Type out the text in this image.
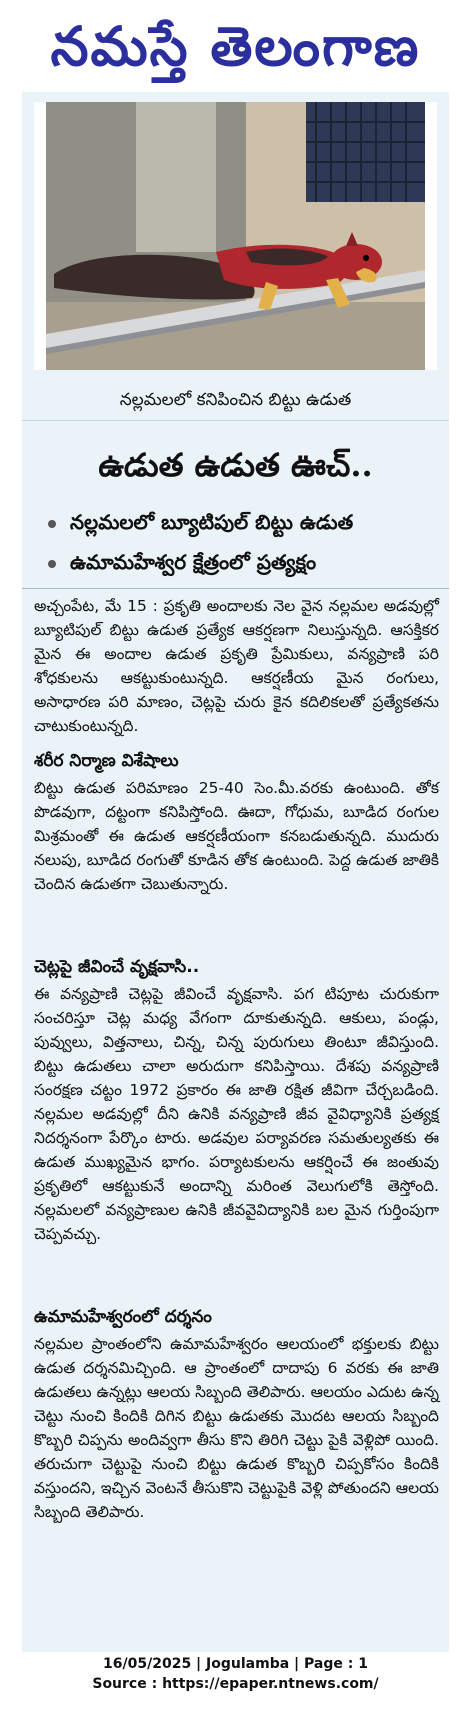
నమస్తే తెలంగాణ
నల్లమలలో కనిపించిన బిట్టు ఉడుత
ఉడుత ఉడుత ఊచ్..
నల్లమలలో బ్యూటిపుల్ బిట్టు ఉడుత
ఉమామహేశ్వర క్షేత్రంలో ప్రత్యక్షం
అచ్చంపేట, మే 15 : ప్రకృతి అందాలకు నెల వైన నల్లమల అడవుల్లో బ్యూటిపుల్ బిట్టు ఉడుత ప్రత్యేక ఆకర్షణగా నిలుస్తున్నది. ఆసక్తికర మైన ఈ అందాల ఉడుత ప్రకృతి ప్రేమికులు, వన్యప్రాణి పరి శోధకులను ఆకట్టుకుంటున్నది. ఆకర్షణీయ మైన రంగులు, అసాధారణ పరి మాణం, చెట్లపై చురు కైన కదిలికలతో ప్రత్యేకతను చాటుకుంటున్నది.
శరీర నిర్మాణ విశేషాలు
బిట్టు ఉడుత పరిమాణం 25-40 సెం.మీ.వరకు ఉంటుంది. తోక పొడవుగా, దట్టంగా కనిపిస్తోంది. ఊదా, గోధుమ, బూడిద రంగుల మిశ్రమంతో ఈ ఉడుత ఆకర్షణీయంగా కనబడుతున్నది. ముదురు నలుపు, బూడిద రంగుతో కూడిన తోక ఉంటుంది. పెద్ద ఉడుత జాతికి చెందిన ఉడుతగా చెబుతున్నారు.
చెట్లపై జీవించే వృక్షవాసి..
ఈ వన్యప్రాణి చెట్లపై జీవించే వృక్షవాసి. పగ టిపూట చురుకుగా సంచరిస్తూ చెట్ల మధ్య వేగంగా దూకుతున్నది. ఆకులు, పండ్లు, పువ్వులు, విత్తనాలు, చిన్న, చిన్న పురుగులు తింటూ జీవిస్తుంది. బిట్టు ఉడుతలు చాలా అరుదుగా కనిపిస్తాయి. దేశపు వన్యప్రాణి సంరక్షణ చట్టం 1972 ప్రకారం ఈ జాతి రక్షిత జీవిగా చేర్చబడింది. నల్లమల అడవుల్లో దీని ఉనికి వన్యప్రాణి జీవ వైవిధ్యానికి ప్రత్యక్ష నిదర్శనంగా పేర్కొం టారు. అడవుల పర్యావరణ సమతుల్యతకు ఈ ఉడుత ముఖ్యమైన భాగం. పర్యాటకులను ఆకర్షించే ఈ జంతువు ప్రకృతిలో ఆకట్టుకునే అందాన్ని మరింత వెలుగులోకి తెస్తోంది. నల్లమలలో వన్యప్రాణుల ఉనికి జీవవైవిద్యానికి బల మైన గుర్తింపుగా చెప్పవచ్చు.
ఉమామహేశ్వరంలో దర్శనం
నల్లమల ప్రాంతంలోని ఉమామహేశ్వరం ఆలయంలో భక్తులకు బిట్టు ఉడుత దర్శనమిచ్చింది. ఆ ప్రాంతంలో దాదాపు 6 వరకు ఈ జాతి ఉడుతలు ఉన్నట్లు ఆలయ సిబ్బంది తెలిపారు. ఆలయం ఎదుట ఉన్న చెట్టు నుంచి కిందికి దిగిన బిట్టు ఉడుతకు మొదట ఆలయ సిబ్బంది కొబ్బరి చిప్పను అందివ్వగా తీసు కొని తిరిగి చెట్టు పైకి వెళ్లిపో యింది. తరుచుగా చెట్టుపై నుంచి బిట్టు ఉడుత కొబ్బరి చిప్పకోసం కిందికి వస్తుందని, ఇచ్చిన వెంటనే తీసుకొని చెట్టుపైకి వెళ్లి పోతుందని ఆలయ సిబ్బంది తెలిపారు.
16/05/2025 | Jogulamba | Page : 1
Source : https://epaper.ntnews.com/
